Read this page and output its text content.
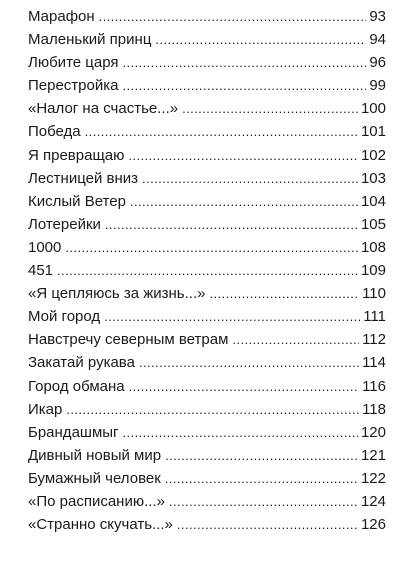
Марафон . . .	93
Маленький принц . . .	94
Любите царя . . .	96
Перестройка . . .	99
«Налог на счастье...» . . .	100
Победа . . .	101
Я превращаю . . .	102
Лестницей вниз . . .	103
Кислый Ветер . . .	104
Лотерейки . . .	105
1000 . . .	108
451 . . .	109
«Я цепляюсь за жизнь...» . . .	110
Мой город . . .	111
Навстречу северным ветрам . . .	112
Закатай рукава . . .	114
Город обмана . . .	116
Икар . . .	118
Брандашмыг . . .	120
Дивный новый мир . . .	121
Бумажный человек . . .	122
«По расписанию...» . . .	124
«Странно скучать...» . . .	126
